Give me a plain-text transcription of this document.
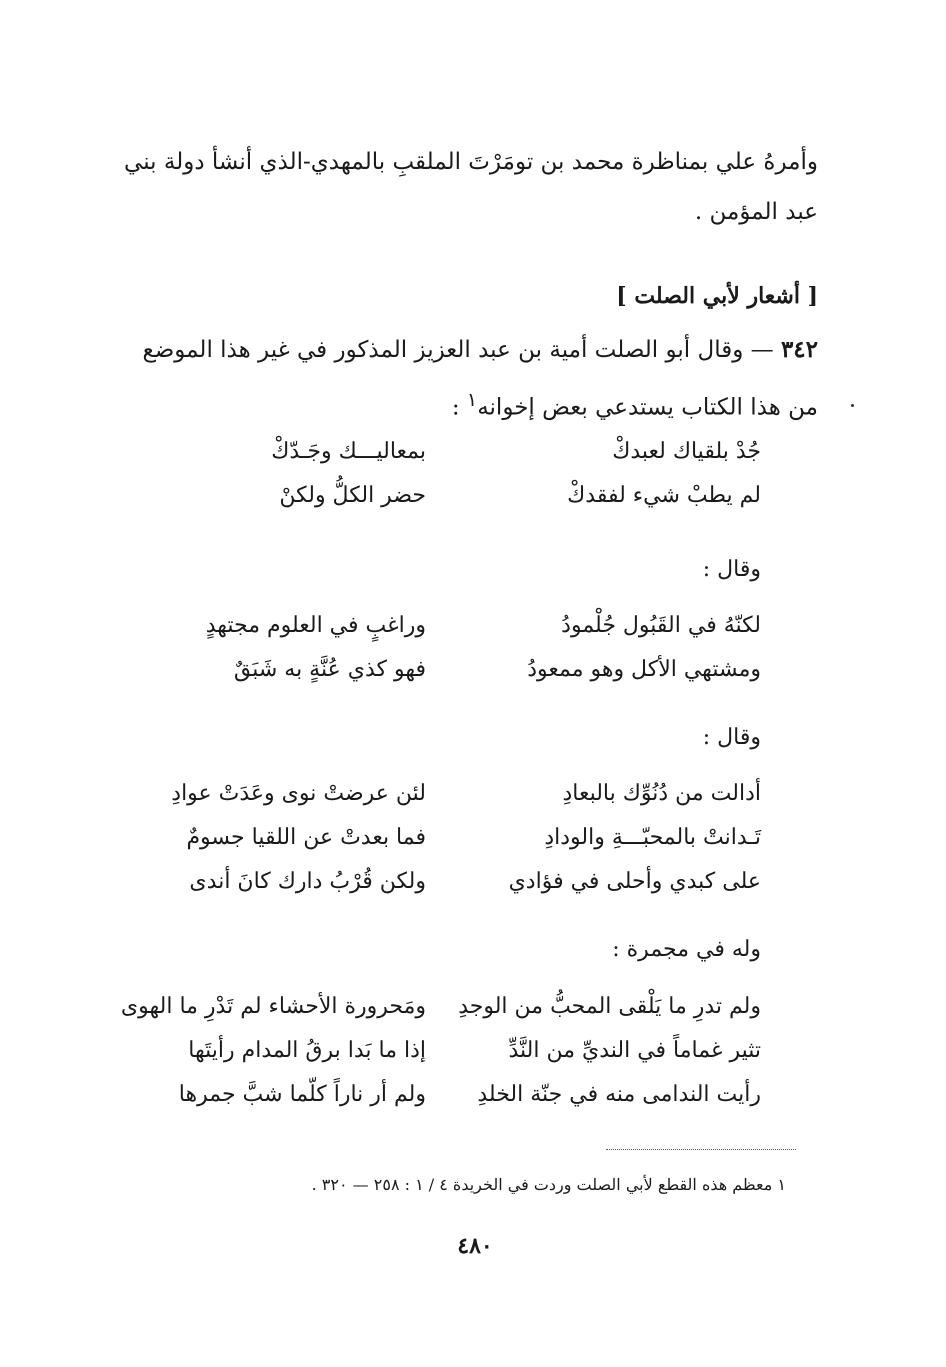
وأمرهُ علي بمناظرة محمد بن تومَرْتَ الملقبِ بالمهدي-الذي أنشأ دولة بني عبد المؤمن .
[ أشعار لأبي الصلت ]
٣٤٢ — وقال أبو الصلت أمية بن عبد العزيز المذكور في غير هذا الموضع من هذا الكتاب يستدعي بعض إخوانه$^١$ :
بمعاليـــك وجَـدّكْ	جُدْ بلقياك لعبدكْ
حضر الكلُّ ولكنْ	لم يطبْ شيء لفقدكْ
وقال :
وراغبٍ في العلوم مجتهدٍ	لكنّهُ في القَبُول جُلْمودُ
فهو كذي عُنَّةٍ به شَبَقٌ	ومشتهي الأكل وهو ممعودُ
وقال :
لئن عرضتْ نوى وعَدَتْ عوادِ	أدالت من دُنُوِّك بالبعادِ
فما بعدتْ عن اللقيا جسومٌ	تَـدانتْ بالمحبّـــةِ والودادِ
ولكن قُرْبُ دارك كانَ أندى	على كبدي وأحلى في فؤادي
وله في مجمرة :
ومَحرورة الأحشاء لم تَدْرِ ما الهوى	ولم تدرِ ما يَلْقى المحبُّ من الوجدِ
إذا ما بَدا برقُ المدام رأيتَها	تثير غماماً في النديِّ من النَّدِّ
ولم أر ناراً كلّما شبَّ جمرها	رأيت الندامى منه في جنّة الخلدِ
١ معظم هذه القطع لأبي الصلت وردت في الخريدة ٤ / ١ : ٢٥٨ — ٣٢٠ .
٤٨٠
